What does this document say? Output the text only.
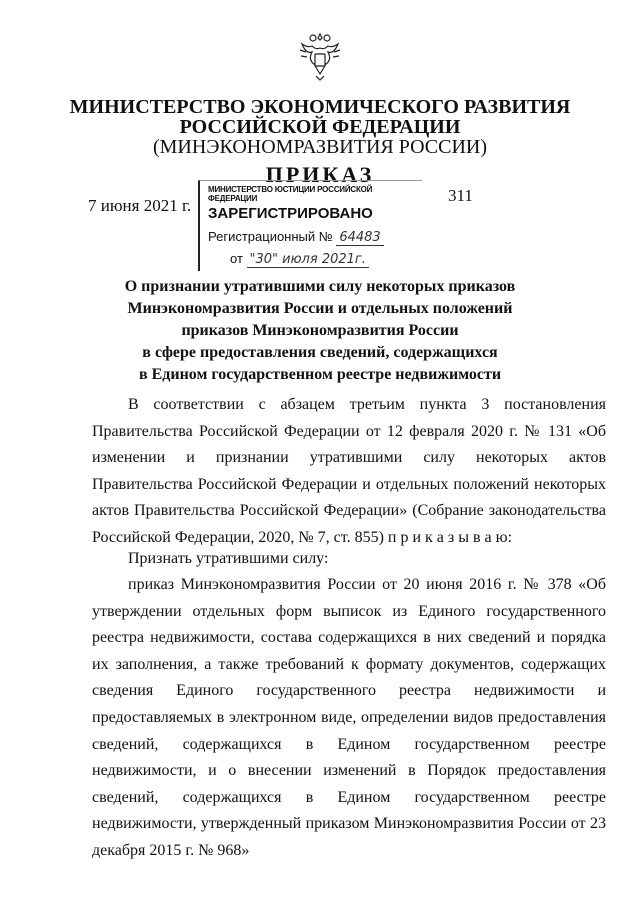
МИНИСТЕРСТВО ЭКОНОМИЧЕСКОГО РАЗВИТИЯ
РОССИЙСКОЙ ФЕДЕРАЦИИ
(МИНЭКОНОМРАЗВИТИЯ РОССИИ)
ПРИКАЗ
7 июня 2021 г.
311
МИНИСТЕРСТВО ЮСТИЦИИ РОССИЙСКОЙ ФЕДЕРАЦИИ
ЗАРЕГИСТРИРОВАНО
Регистрационный № 64483
от "30" июля 2021г.
О признании утратившими силу некоторых приказов
Минэкономразвития России и отдельных положений
приказов Минэкономразвития России
в сфере предоставления сведений, содержащихся
в Едином государственном реестре недвижимости
В соответствии с абзацем третьим пункта 3 постановления Правительства Российской Федерации от 12 февраля 2020 г. № 131 «Об изменении и признании утратившими силу некоторых актов Правительства Российской Федерации и отдельных положений некоторых актов Правительства Российской Федерации» (Собрание законодательства Российской Федерации, 2020, № 7, ст. 855) п р и к а з ы в а ю:
Признать утратившими силу:
приказ Минэкономразвития России от 20 июня 2016 г. № 378 «Об утверждении отдельных форм выписок из Единого государственного реестра недвижимости, состава содержащихся в них сведений и порядка их заполнения, а также требований к формату документов, содержащих сведения Единого государственного реестра недвижимости и предоставляемых в электронном виде, определении видов предоставления сведений, содержащихся в Едином государственном реестре недвижимости, и о внесении изменений в Порядок предоставления сведений, содержащихся в Едином государственном реестре недвижимости, утвержденный приказом Минэкономразвития России от 23 декабря 2015 г. № 968»
